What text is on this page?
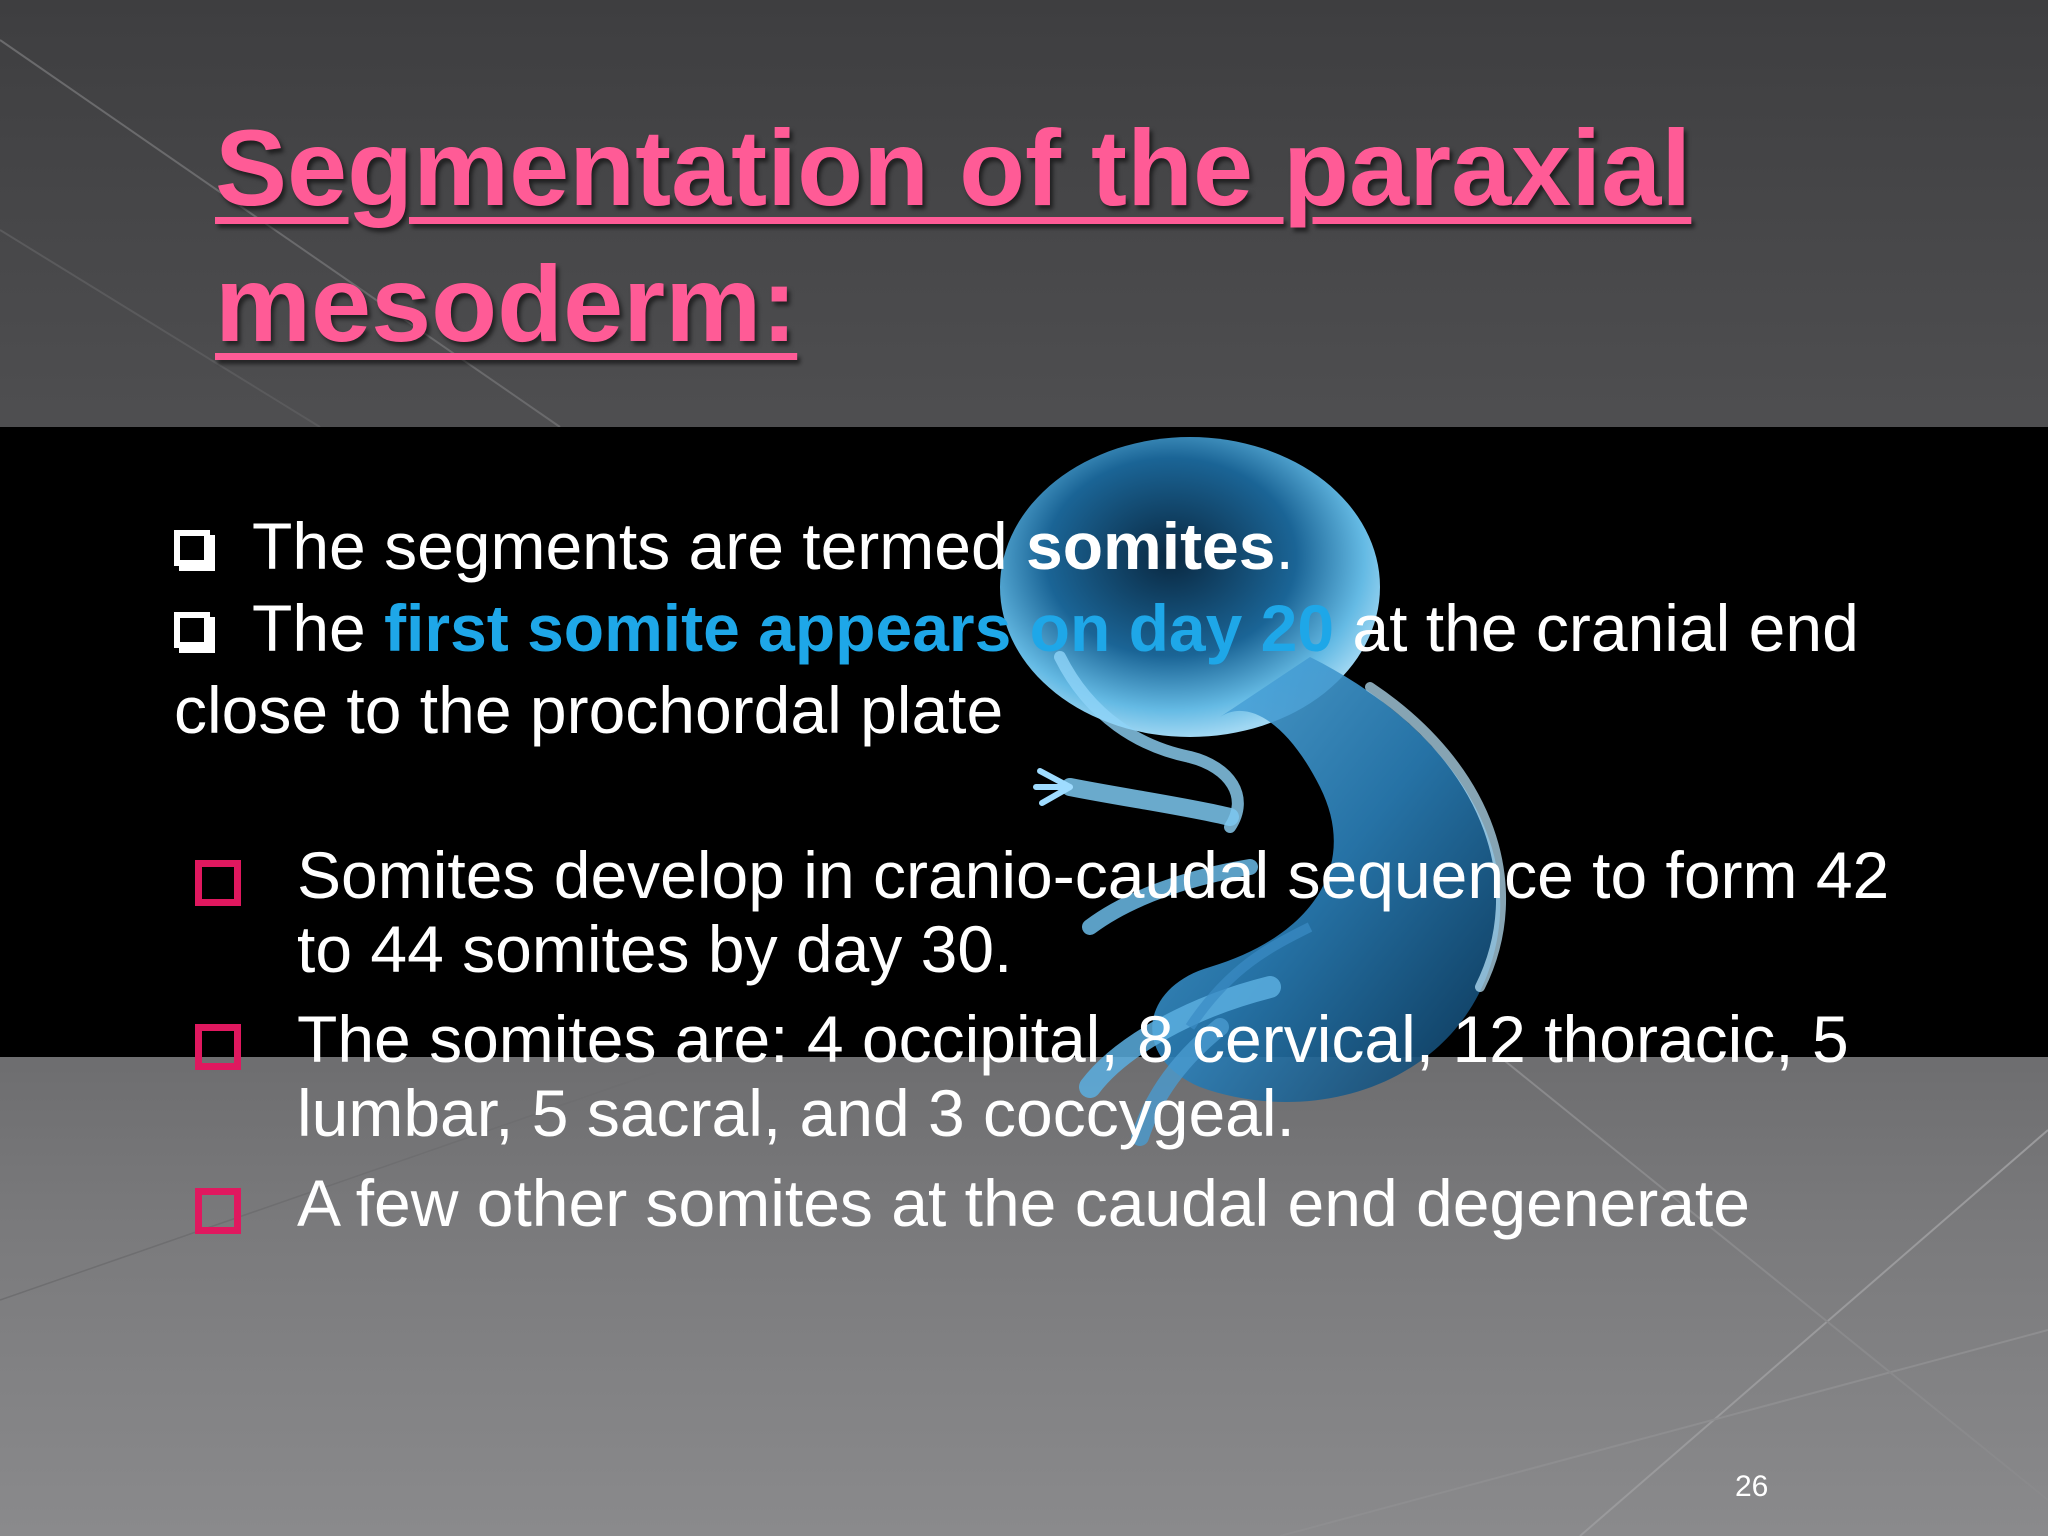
Segmentation of the paraxial
mesoderm:

The segments are termed somites.

The first somite appears on day 20 at the cranial end close to the prochordal plate

Somites develop in cranio-caudal sequence to form 42 to 44 somites by day 30.
The somites are: 4 occipital, 8 cervical, 12 thoracic, 5 lumbar, 5 sacral, and 3 coccygeal.
A few other somites at the caudal end degenerate
26
